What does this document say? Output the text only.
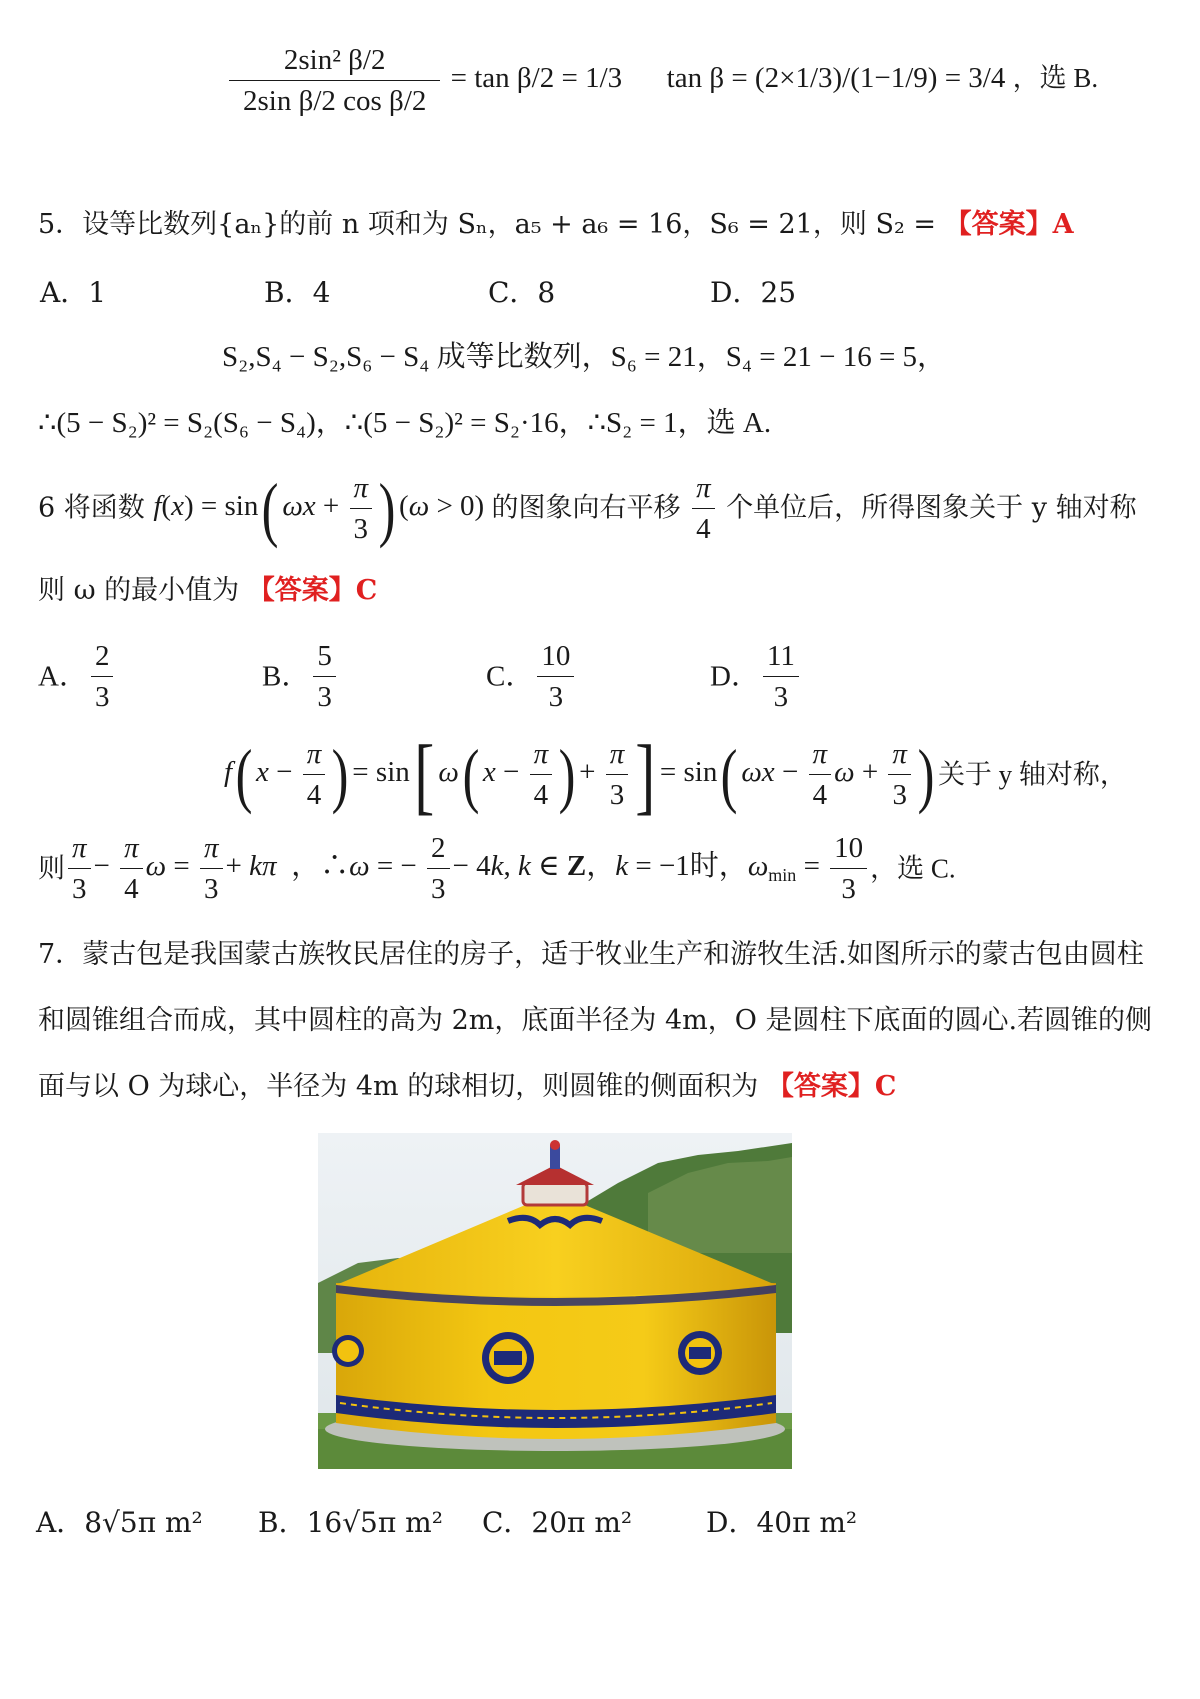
$\frac{\text{2sin² β/2}}{\text{2sin β/2 cos β/2}} = \tan \beta/2 = 1/3$ tan β = (2×1/3)/(1−1/9) = 3/4 ，选 B.
5．设等比数列{aₙ}的前 n 项和为 Sₙ，a₅ + a₆ = 16，S₆ = 21，则 S₂ = 【答案】A
A．1	B．4	C．8	D．25
S₂,S₄ − S₂,S₆ − S₄ 成等比数列，S₆ = 21，S₄ = 21 − 16 = 5，
∴(5 − S₂)² = S₂(S₆ − S₄)，∴(5 − S₂)² = S₂·16，∴S₂ = 1，选 A.
6 将函数 f(x) = sin( $\omega x + \frac{\pi}{3}$ ) (ω > 0) 的图象向右平移 $\frac{\pi}{4}$ 个单位后，所得图象关于 y 轴对称
则 ω 的最小值为 【答案】C
A． $\frac{2}{3}$	B． $\frac{5}{3}$	C． $\frac{10}{3}$	D． $\frac{11}{3}$
f( $x - \frac{\pi}{4}$ ) = sin[ ω( $x - \frac{\pi}{4}$ ) + $\frac{\pi}{3}$ ] = sin( $\omega x - \frac{\pi}{4}$ $\omega + \frac{\pi}{3}$ ) 关于 y 轴对称，
则 $\frac{\pi}{3} - \frac{\pi}{4}$ $\omega = \frac{\pi}{3} + k\pi$  ，∴ω = − $\frac{2}{3} - 4k$, k ∈ Z，k = −1时，$\omega_{min} = \frac{10}{3}$ ，选 C.
7．蒙古包是我国蒙古族牧民居住的房子，适于牧业生产和游牧生活.如图所示的蒙古包由圆柱
和圆锥组合而成，其中圆柱的高为 2m，底面半径为 4m，O 是圆柱下底面的圆心.若圆锥的侧
面与以 O 为球心，半径为 4m 的球相切，则圆锥的侧面积为 【答案】C
A．8√5π m² B．16√5π m² C．20π m²	D．40π m²
